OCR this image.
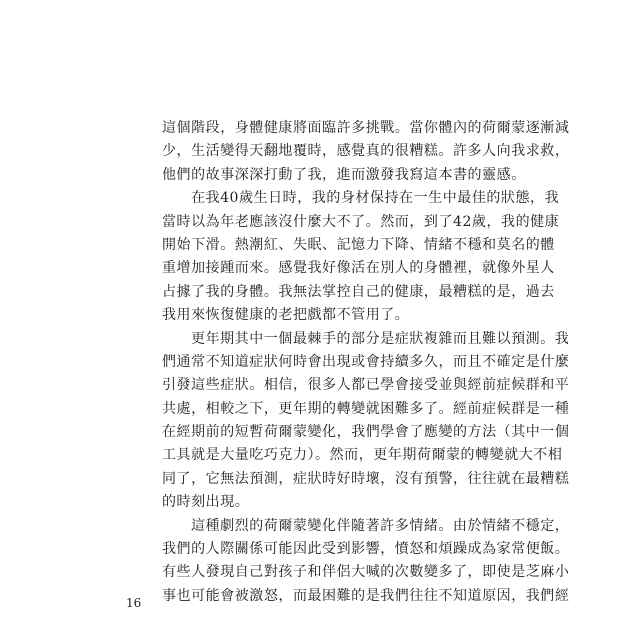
這個階段，身體健康將面臨許多挑戰。當你體內的荷爾蒙逐漸減
少，生活變得天翻地覆時，感覺真的很糟糕。許多人向我求救，
他們的故事深深打動了我，進而激發我寫這本書的靈感。
在我40歲生日時，我的身材保持在一生中最佳的狀態，我
當時以為年老應該沒什麼大不了。然而，到了42歲，我的健康
開始下滑。熱潮紅、失眠、記憶力下降、情緒不穩和莫名的體
重增加接踵而來。感覺我好像活在別人的身體裡，就像外星人
占據了我的身體。我無法掌控自己的健康，最糟糕的是，過去
我用來恢復健康的老把戲都不管用了。
更年期其中一個最棘手的部分是症狀複雜而且難以預測。我
們通常不知道症狀何時會出現或會持續多久，而且不確定是什麼
引發這些症狀。相信，很多人都已學會接受並與經前症候群和平
共處，相較之下，更年期的轉變就困難多了。經前症候群是一種
在經期前的短暫荷爾蒙變化，我們學會了應變的方法（其中一個
工具就是大量吃巧克力）。然而，更年期荷爾蒙的轉變就大不相
同了，它無法預測，症狀時好時壞，沒有預警，往往就在最糟糕
的時刻出現。
這種劇烈的荷爾蒙變化伴隨著許多情緒。由於情緒不穩定，
我們的人際關係可能因此受到影響，憤怒和煩躁成為家常便飯。
有些人發現自己對孩子和伴侶大喊的次數變多了，即使是芝麻小
事也可能會被激怒，而最困難的是我們往往不知道原因，我們經
16
